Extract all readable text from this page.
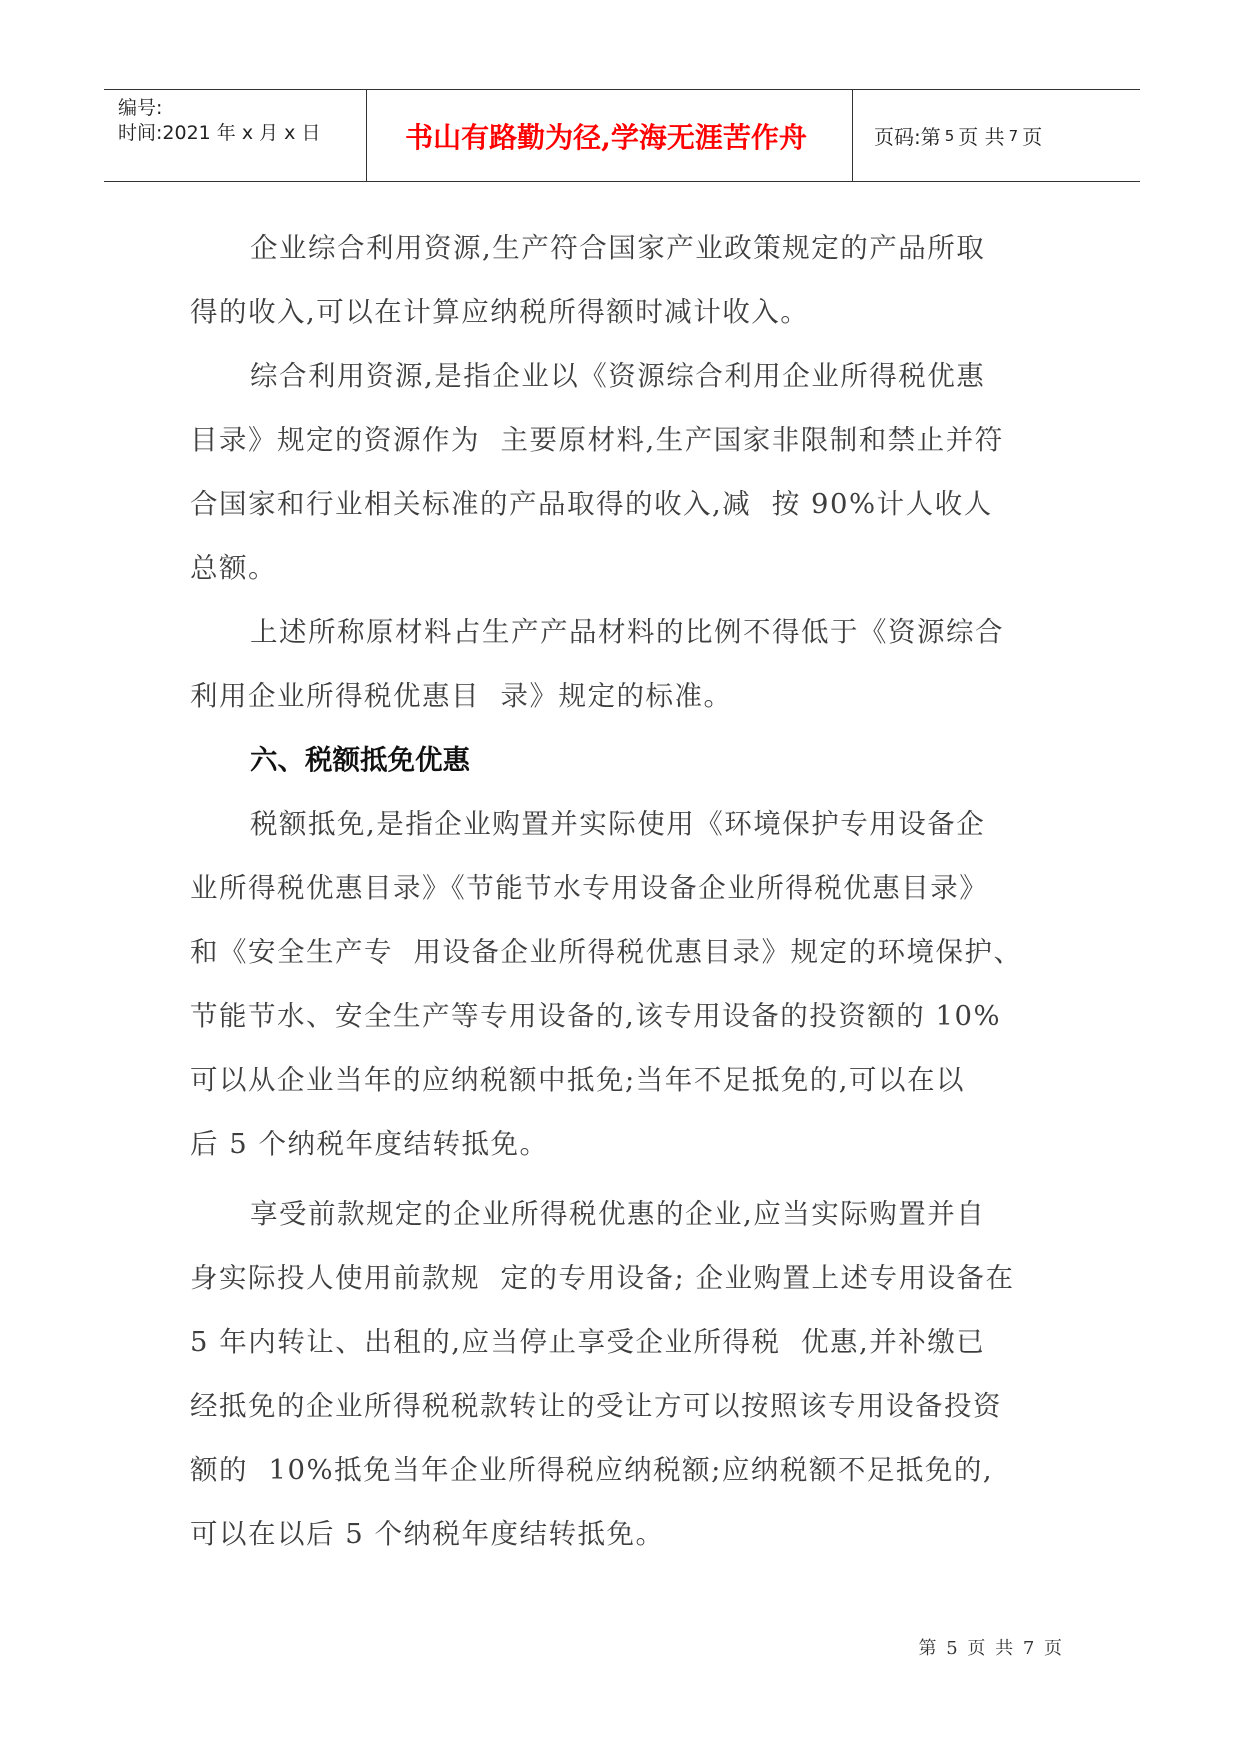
编号:
时间:2021 年 x 月 x 日	书山有路勤为径,学海无涯苦作舟	页码:第 5 页 共 7 页
企业综合利用资源,生产符合国家产业政策规定的产品所取
得的收入,可以在计算应纳税所得额时减计收入。
综合利用资源,是指企业以《资源综合利用企业所得税优惠
目录》规定的资源作为  主要原材料,生产国家非限制和禁止并符
合国家和行业相关标准的产品取得的收入,减  按 90%计人收人
总额。
上述所称原材料占生产产品材料的比例不得低于《资源综合
利用企业所得税优惠目  录》规定的标准。
六、税额抵免优惠
税额抵免,是指企业购置并实际使用《环境保护专用设备企
业所得税优惠目录》《节能节水专用设备企业所得税优惠目录》
和《安全生产专  用设备企业所得税优惠目录》规定的环境保护、
节能节水、安全生产等专用设备的,该专用设备的投资额的 10%
可以从企业当年的应纳税额中抵免;当年不足抵免的,可以在以
后 5 个纳税年度结转抵免。
享受前款规定的企业所得税优惠的企业,应当实际购置并自
身实际投人使用前款规  定的专用设备; 企业购置上述专用设备在
5 年内转让、出租的,应当停止享受企业所得税  优惠,并补缴已
经抵免的企业所得税税款转让的受让方可以按照该专用设备投资
额的  10%抵免当年企业所得税应纳税额;应纳税额不足抵免的,
可以在以后 5 个纳税年度结转抵免。
第 5 页 共 7 页
